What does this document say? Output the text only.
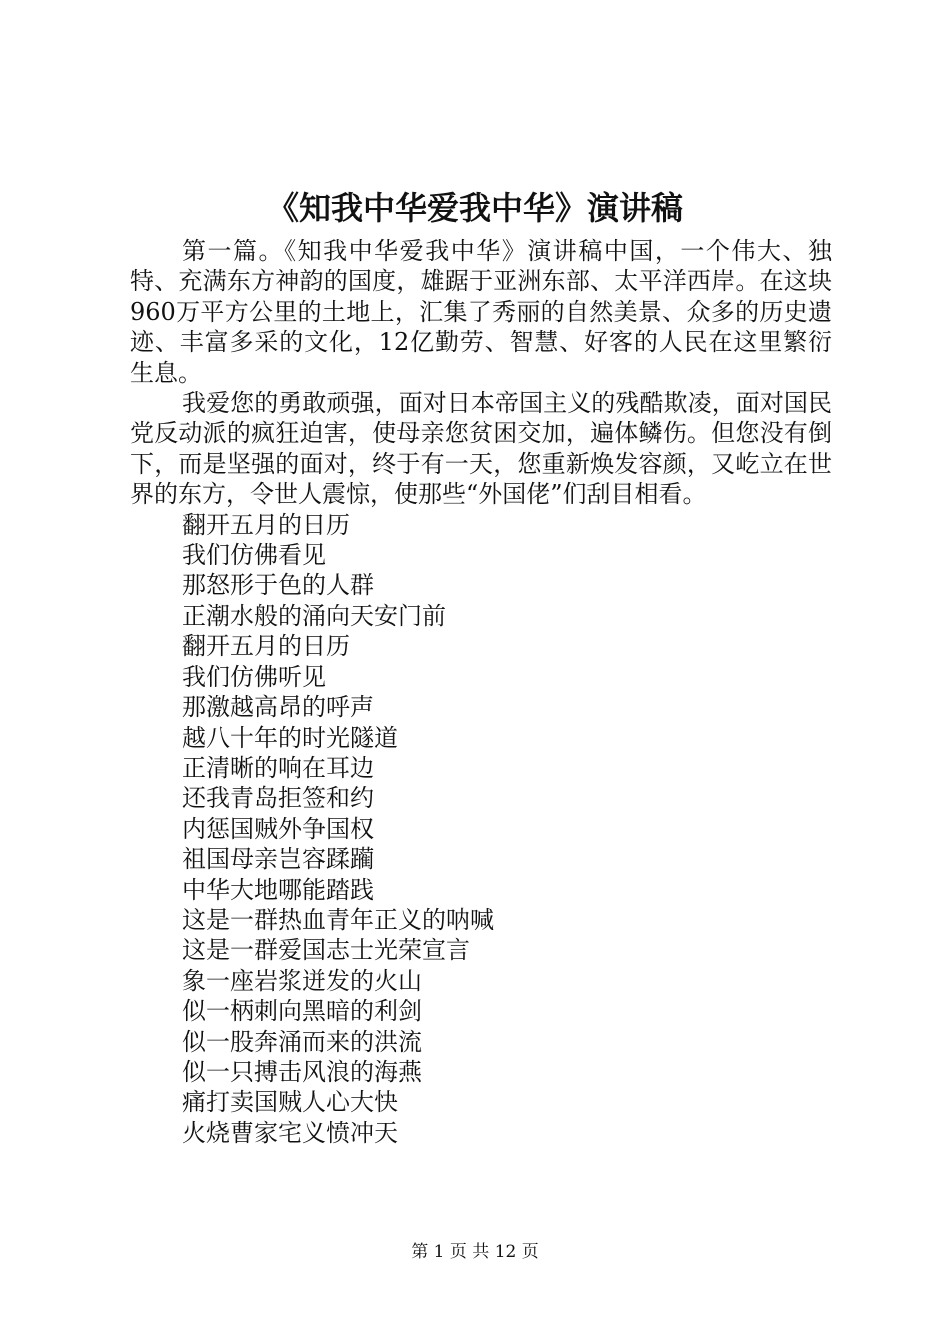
《知我中华爱我中华》演讲稿

第一篇。《知我中华爱我中华》演讲稿中国，一个伟大、独特、充满东方神韵的国度，雄踞于亚洲东部、太平洋西岸。在这块960万平方公里的土地上，汇集了秀丽的自然美景、众多的历史遗迹、丰富多采的文化，12亿勤劳、智慧、好客的人民在这里繁衍生息。

我爱您的勇敢顽强，面对日本帝国主义的残酷欺凌，面对国民党反动派的疯狂迫害，使母亲您贫困交加，遍体鳞伤。但您没有倒下，而是坚强的面对，终于有一天，您重新焕发容颜，又屹立在世界的东方，令世人震惊，使那些“外国佬”们刮目相看。

翻开五月的日历

我们仿佛看见

那怒形于色的人群

正潮水般的涌向天安门前

翻开五月的日历

我们仿佛听见

那激越高昂的呼声

越八十年的时光隧道

正清晰的响在耳边

还我青岛拒签和约

内惩国贼外争国权

祖国母亲岂容蹂躏

中华大地哪能踏践

这是一群热血青年正义的呐喊

这是一群爱国志士光荣宣言

象一座岩浆迸发的火山

似一柄刺向黑暗的利剑

似一股奔涌而来的洪流

似一只搏击风浪的海燕

痛打卖国贼人心大快

火烧曹家宅义愤冲天

第 1 页 共 12 页
